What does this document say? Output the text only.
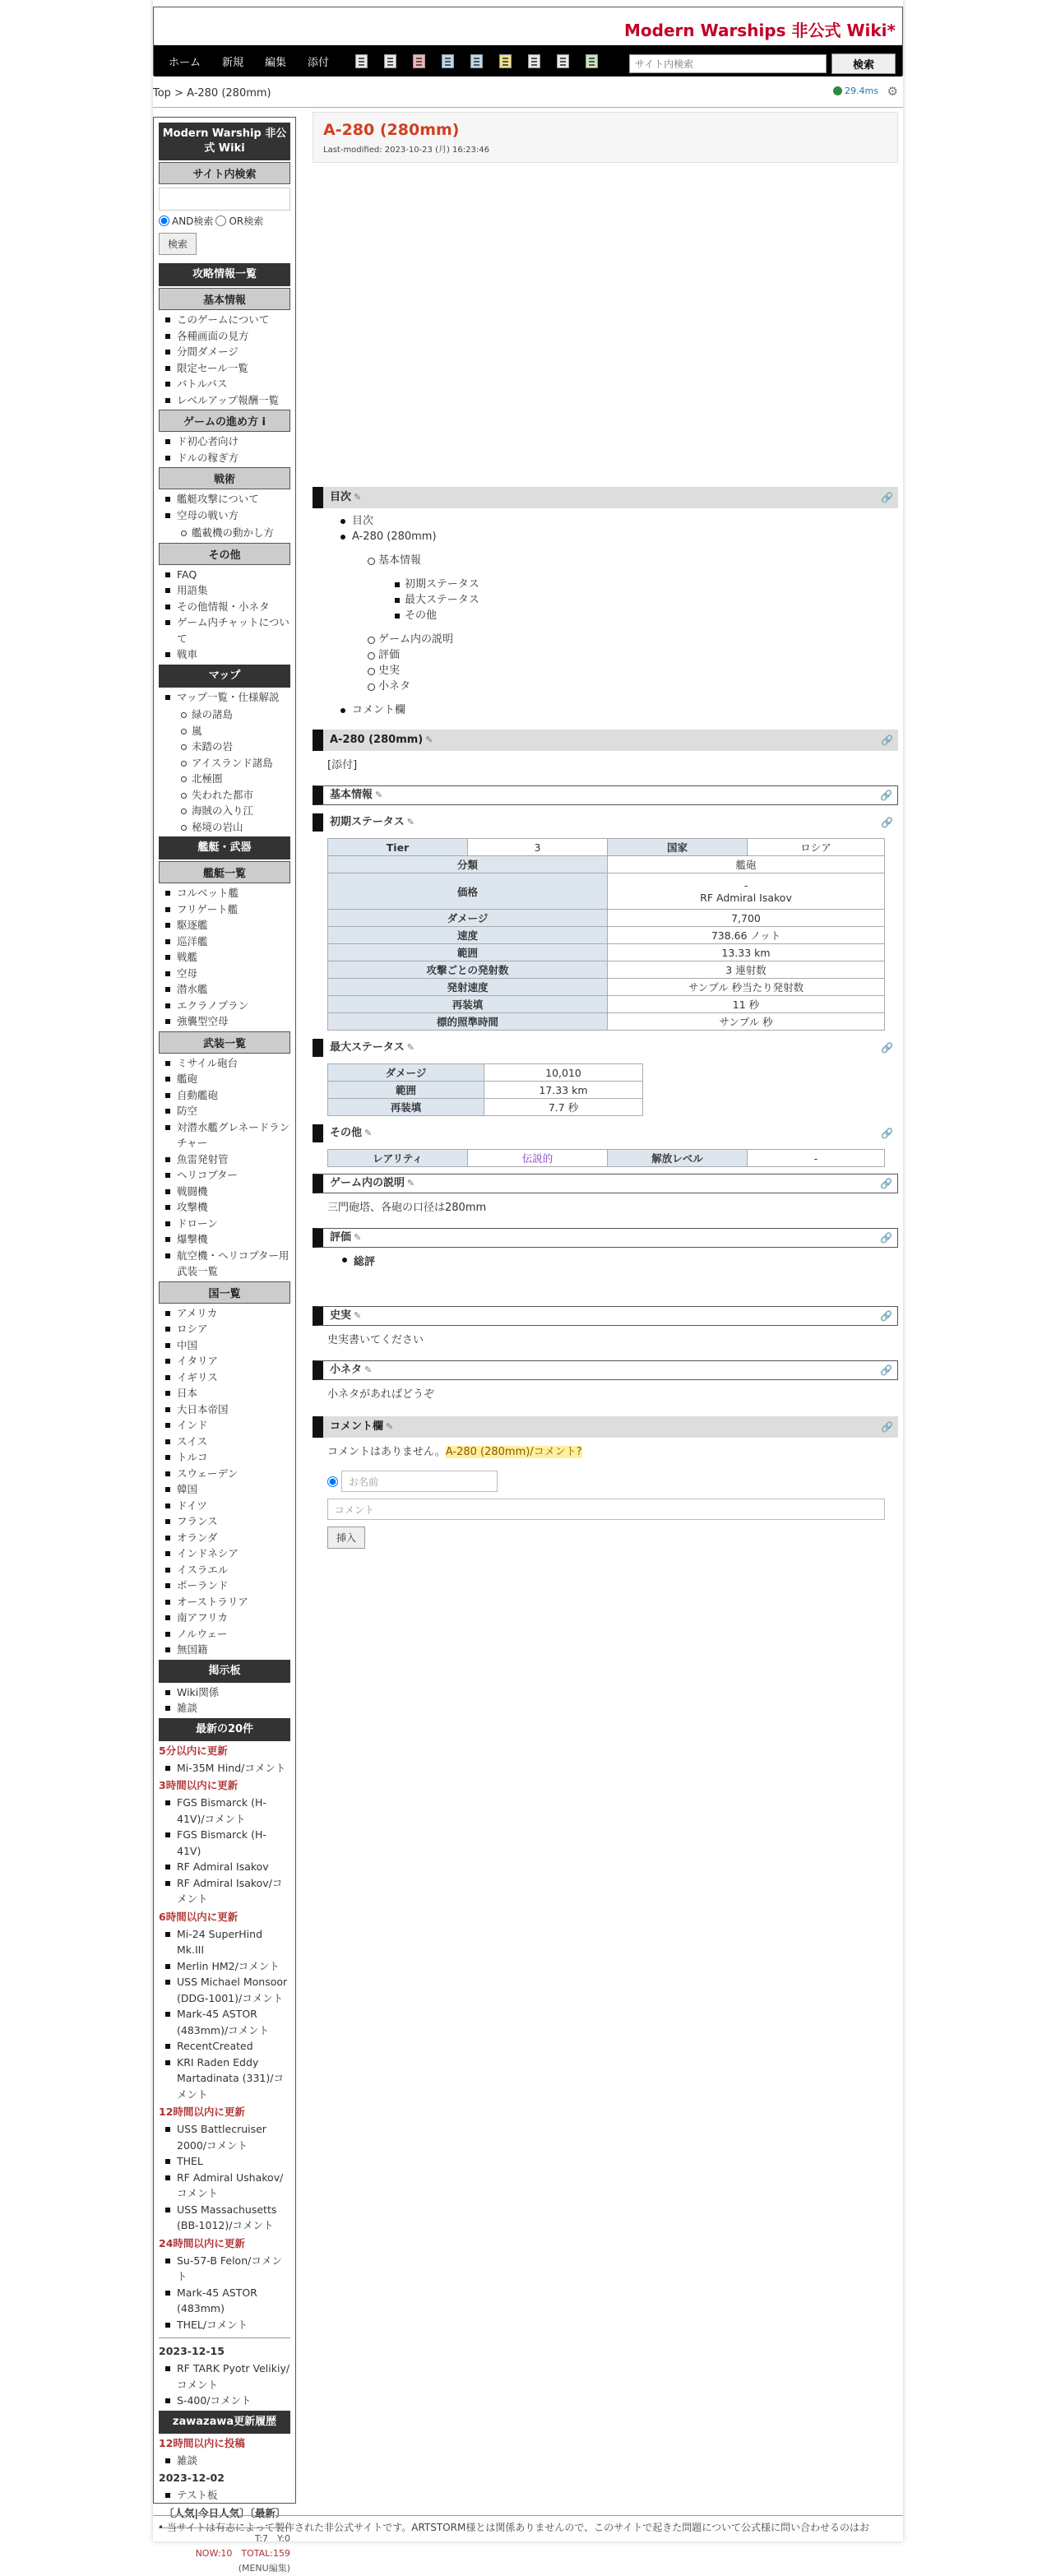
Modern Warships 非公式 Wiki*
ホーム 新規 編集 添付
サイト内検索	検索
Top > A-280 (280mm)	29.4ms ⚙
Modern Warship 非公式 Wiki
サイト内検索
AND検索 OR検索
検索
攻略情報一覧
基本情報
このゲームについて
各種画面の見方
分間ダメージ
限定セール一覧
バトルパス
レベルアップ報酬一覧
ゲームの進め方 i
ド初心者向け
ドルの稼ぎ方
戦術
艦艇攻撃について
空母の戦い方
艦載機の動かし方
その他
FAQ
用語集
その他情報・小ネタ
ゲーム内チャットについて
戦車
マップ
マップ一覧・仕様解説
緑の諸島
嵐
未踏の岩
アイスランド諸島
北極圏
失われた都市
海賊の入り江
秘境の岩山
艦艇・武器
艦艇一覧
コルベット艦
フリゲート艦
駆逐艦
巡洋艦
戦艦
空母
潜水艦
エクラノプラン
強襲型空母
武装一覧
ミサイル砲台
艦砲
自動艦砲
防空
対潜水艦グレネードランチャー
魚雷発射管
ヘリコプター
戦闘機
攻撃機
ドローン
爆撃機
航空機・ヘリコプター用武装一覧
国一覧
アメリカ
ロシア
中国
イタリア
イギリス
日本
大日本帝国
インド
スイス
トルコ
スウェーデン
韓国
ドイツ
フランス
オランダ
インドネシア
イスラエル
ポーランド
オーストラリア
南アフリカ
ノルウェー
無国籍
掲示板
Wiki関係
雑談
最新の20件
5分以内に更新
Mi-35M Hind/コメント
3時間以内に更新
FGS Bismarck (H-41V)/コメント
FGS Bismarck (H-41V)
RF Admiral Isakov
RF Admiral Isakov/コメント
6時間以内に更新
Mi-24 SuperHind Mk.III
Merlin HM2/コメント
USS Michael Monsoor (DDG-1001)/コメント
Mark-45 ASTOR (483mm)/コメント
RecentCreated
KRI Raden Eddy Martadinata (331)/コメント
12時間以内に更新
USS Battlecruiser 2000/コメント
THEL
RF Admiral Ushakov/コメント
USS Massachusetts (BB-1012)/コメント
24時間以内に更新
Su-57-B Felon/コメント
Mark-45 ASTOR (483mm)
THEL/コメント
2023-12-15
RF TARK Pyotr Velikiy/コメント
S-400/コメント
zawazawa更新履歴
12時間以内に投稿
雑談
2023-12-02
テスト板
〔人気|今日人気〕〔最新〕
T:7　Y:0
NOW:10　TOTAL:159
(MENU編集)
A-280 (280mm)
Last-modified: 2023-10-23 (月) 16:23:46
目次 ✎	🔗
目次
A-280 (280mm)
基本情報
初期ステータス
最大ステータス
その他
ゲーム内の説明
評価
史実
小ネタ
コメント欄
A-280 (280mm) ✎	🔗
[添付]
基本情報 ✎	🔗
初期ステータス ✎	🔗
Tier	3	国家	ロシア
分類		艦砲	
価格		-
RF Admiral Isakov	

ダメージ		7,700	
速度		738.66 ノット	
範囲		13.33 km	
攻撃ごとの発射数		3 連射数	
発射速度		サンプル 秒当たり発射数	
再装填		11 秒	
標的照準時間		サンプル 秒	
最大ステータス ✎	🔗
ダメージ	10,010
範囲	17.33 km
再装填	7.7 秒
その他 ✎	🔗
レアリティ	伝説的	解放レベル	-
ゲーム内の説明 ✎	🔗
三門砲塔、各砲の口径は280mm
評価 ✎	🔗
総評
史実 ✎	🔗
史実書いてください
小ネタ ✎	🔗
小ネタがあればどうぞ
コメント欄 ✎	🔗
コメントはありません。A-280 (280mm)/コメント?
お名前
コメント
挿入
• 当サイトは有志によって製作された非公式サイトです。ARTSTORM様とは関係ありませんので、このサイトで起きた問題について公式様に問い合わせるのはお
